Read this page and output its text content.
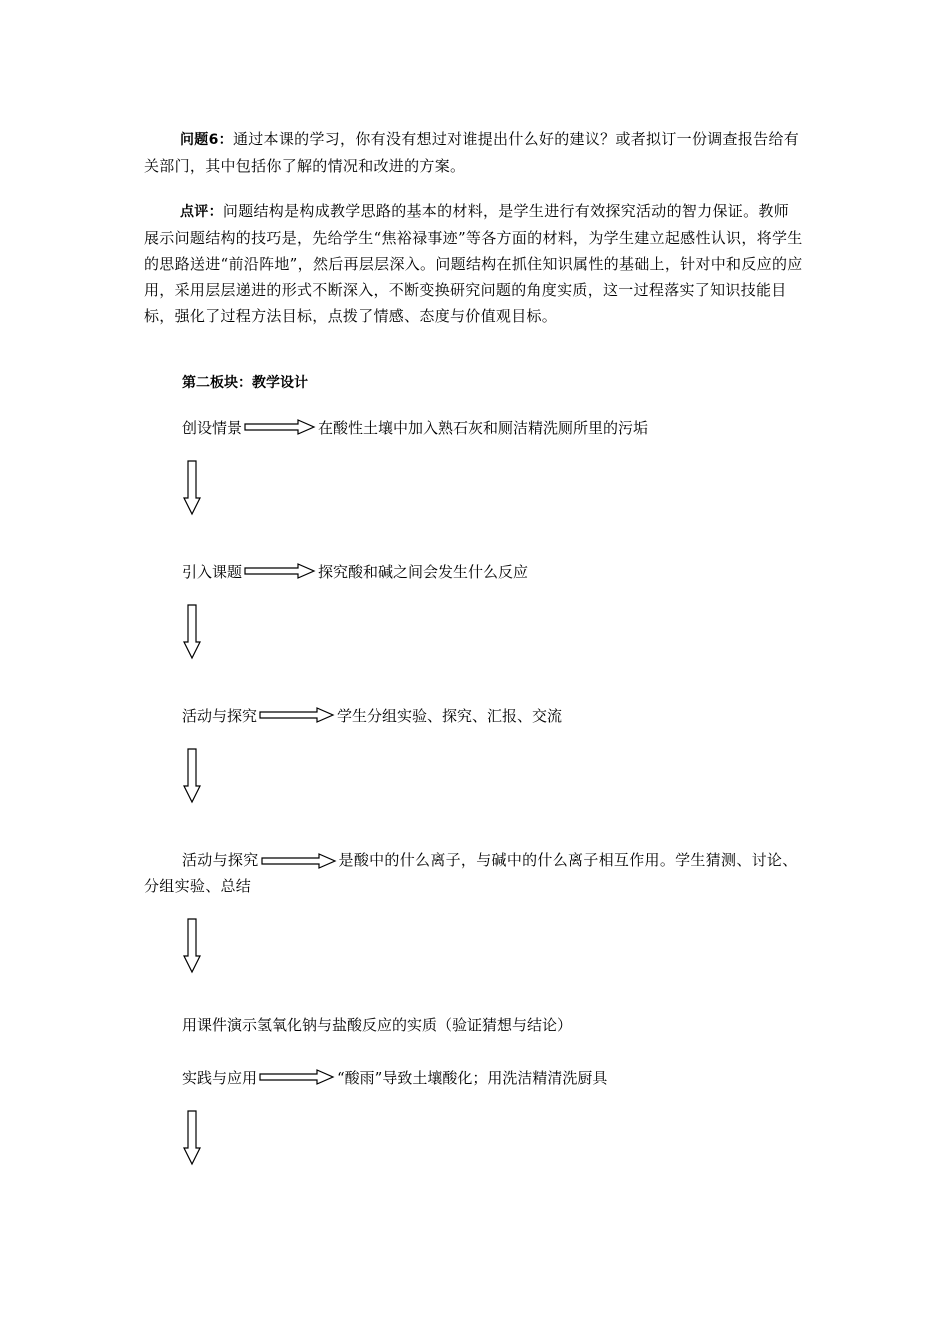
问题6：通过本课的学习，你有没有想过对谁提出什么好的建议？或者拟订一份调查报告给有关部门，其中包括你了解的情况和改进的方案。

点评：问题结构是构成教学思路的基本的材料，是学生进行有效探究活动的智力保证。教师展示问题结构的技巧是，先给学生“焦裕禄事迹”等各方面的材料，为学生建立起感性认识，将学生的思路送进“前沿阵地”，然后再层层深入。问题结构在抓住知识属性的基础上，针对中和反应的应用，采用层层递进的形式不断深入，不断变换研究问题的角度实质，这一过程落实了知识技能目标，强化了过程方法目标，点拨了情感、态度与价值观目标。

第二板块：教学设计
创设情景	在酸性土壤中加入熟石灰和厕洁精洗厕所里的污垢
引入课题	探究酸和碱之间会发生什么反应
活动与探究	学生分组实验、探究、汇报、交流

活动与探究	是酸中的什么离子，与碱中的什么离子相互作用。学生猜测、讨论、分组实验、总结

用课件演示氢氧化钠与盐酸反应的实质（验证猜想与结论）
实践与应用	“酸雨”导致土壤酸化；用洗洁精清洗厨具
